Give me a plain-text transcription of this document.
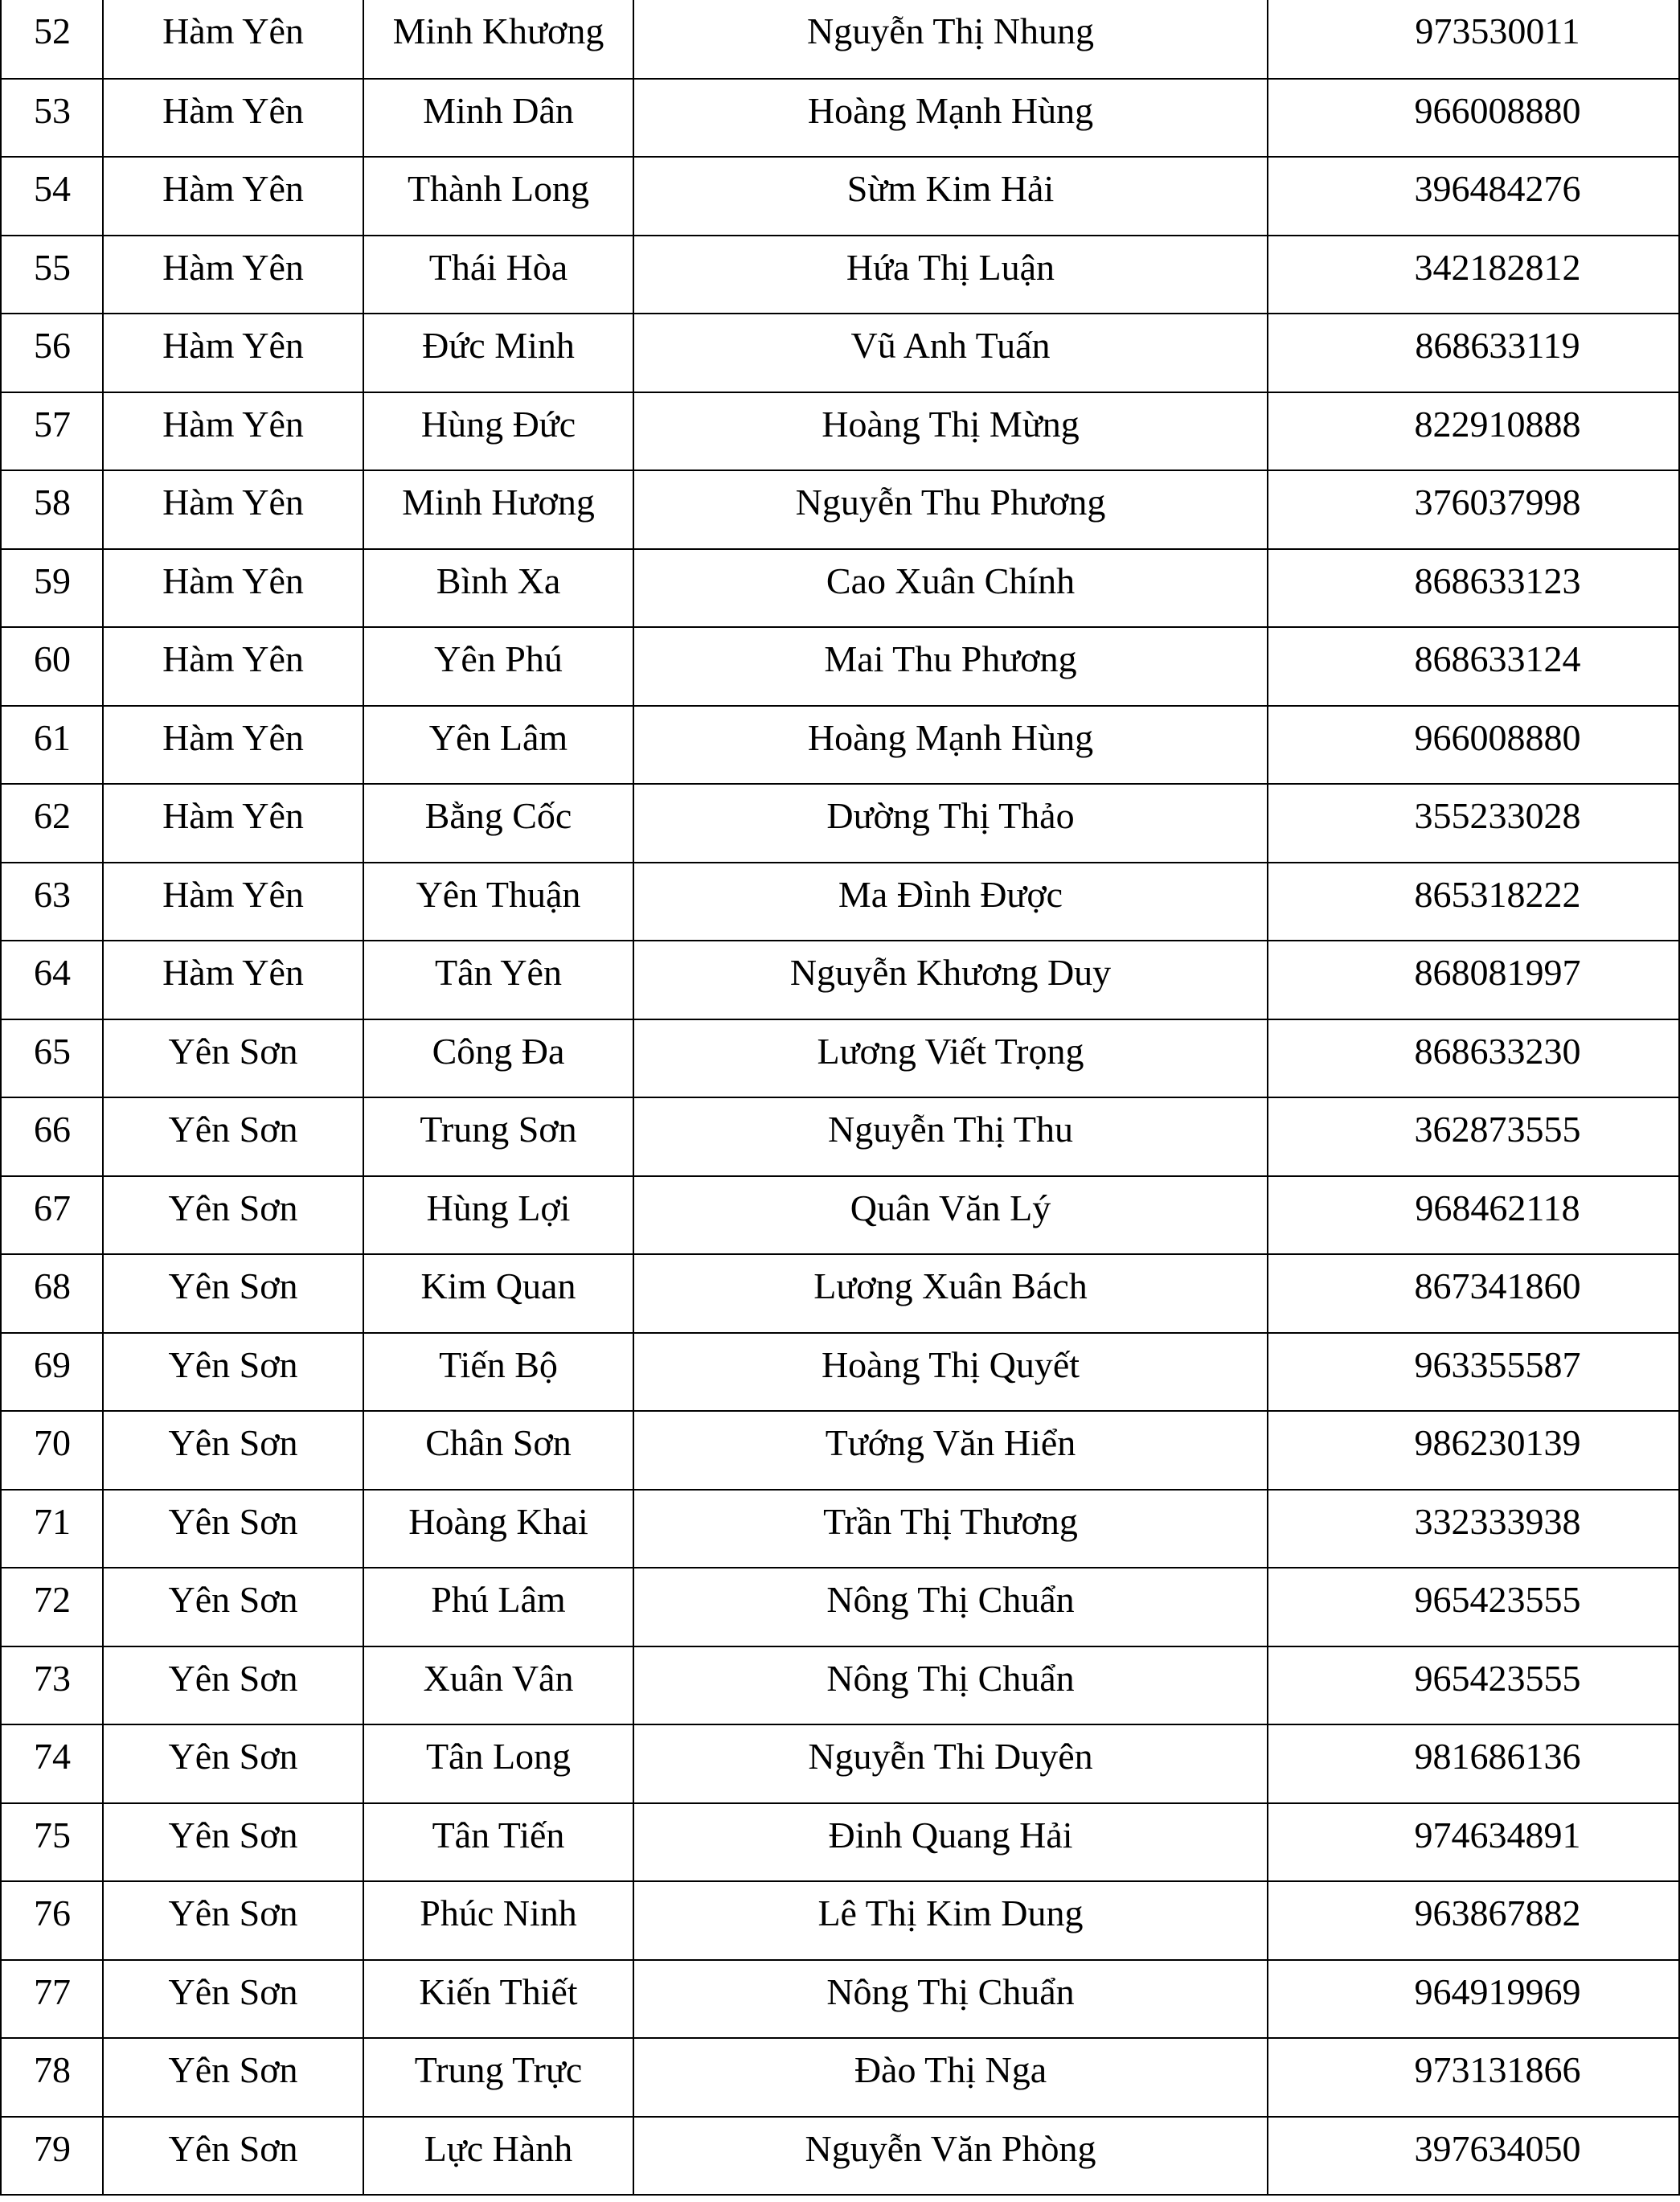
52	Hàm Yên	Minh Khương	Nguyễn Thị Nhung	973530011
53	Hàm Yên	Minh Dân	Hoàng Mạnh Hùng	966008880
54	Hàm Yên	Thành Long	Sừm Kim Hải	396484276
55	Hàm Yên	Thái Hòa	Hứa Thị Luận	342182812
56	Hàm Yên	Đức Minh	Vũ Anh Tuấn	868633119
57	Hàm Yên	Hùng Đức	Hoàng Thị Mừng	822910888
58	Hàm Yên	Minh Hương	Nguyễn Thu Phương	376037998
59	Hàm Yên	Bình Xa	Cao Xuân Chính	868633123
60	Hàm Yên	Yên Phú	Mai Thu Phương	868633124
61	Hàm Yên	Yên Lâm	Hoàng Mạnh Hùng	966008880
62	Hàm Yên	Bằng Cốc	Dường Thị Thảo	355233028
63	Hàm Yên	Yên Thuận	Ma Đình Được	865318222
64	Hàm Yên	Tân Yên	Nguyễn Khương Duy	868081997
65	Yên Sơn	Công Đa	Lương Viết Trọng	868633230
66	Yên Sơn	Trung Sơn	Nguyễn Thị Thu	362873555
67	Yên Sơn	Hùng Lợi	Quân Văn Lý	968462118
68	Yên Sơn	Kim Quan	Lương Xuân Bách	867341860
69	Yên Sơn	Tiến Bộ	Hoàng Thị Quyết	963355587
70	Yên Sơn	Chân Sơn	Tướng Văn Hiển	986230139
71	Yên Sơn	Hoàng Khai	Trần Thị Thương	332333938
72	Yên Sơn	Phú Lâm	Nông Thị Chuẩn	965423555
73	Yên Sơn	Xuân Vân	Nông Thị Chuẩn	965423555
74	Yên Sơn	Tân Long	Nguyễn Thi Duyên	981686136
75	Yên Sơn	Tân Tiến	Đinh Quang Hải	974634891
76	Yên Sơn	Phúc Ninh	Lê Thị Kim Dung	963867882
77	Yên Sơn	Kiến Thiết	Nông Thị Chuẩn	964919969
78	Yên Sơn	Trung Trực	Đào Thị Nga	973131866
79	Yên Sơn	Lực Hành	Nguyễn Văn Phòng	397634050
